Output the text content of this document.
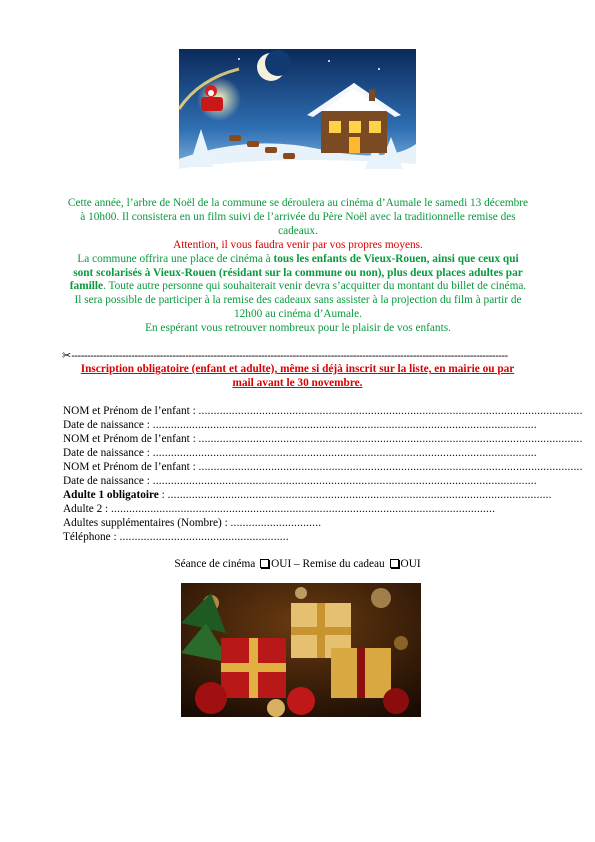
Cette année, l’arbre de Noël de la commune se déroulera au cinéma d’Aumale le samedi 13 décembre à 10h00. Il consistera en un film suivi de l’arrivée du Père Noël avec la traditionnelle remise des cadeaux.
Attention, il vous faudra venir par vos propres moyens.
La commune offrira une place de cinéma à tous les enfants de Vieux-Rouen, ainsi que ceux qui sont scolarisés à Vieux-Rouen (résidant sur la commune ou non), plus deux places adultes par famille. Toute autre personne qui souhaiterait venir devra s’acquitter du montant du billet de cinéma.
Il sera possible de participer à la remise des cadeaux sans assister à la projection du film à partir de 12h00 au cinéma d’Aumale.
En espérant vous retrouver nombreux pour le plaisir de vos enfants.
✂------------------------------------------------------------------------------------------------------------------------------------------
Inscription obligatoire (enfant et adulte), même si déjà inscrit sur la liste, en mairie ou par mail avant le 30 novembre.
NOM et Prénom de l’enfant : ...............................................................................................................................
Date de naissance : ...............................................................................................................................
NOM et Prénom de l’enfant : ...............................................................................................................................
Date de naissance : ...............................................................................................................................
NOM et Prénom de l’enfant : ...............................................................................................................................
Date de naissance : ...............................................................................................................................
Adulte 1 obligatoire : ...............................................................................................................................
Adulte 2 : ...............................................................................................................................
Adultes supplémentaires (Nombre) : ..............................
Téléphone : ........................................................
Séance de cinéma OUI – Remise du cadeau OUI
